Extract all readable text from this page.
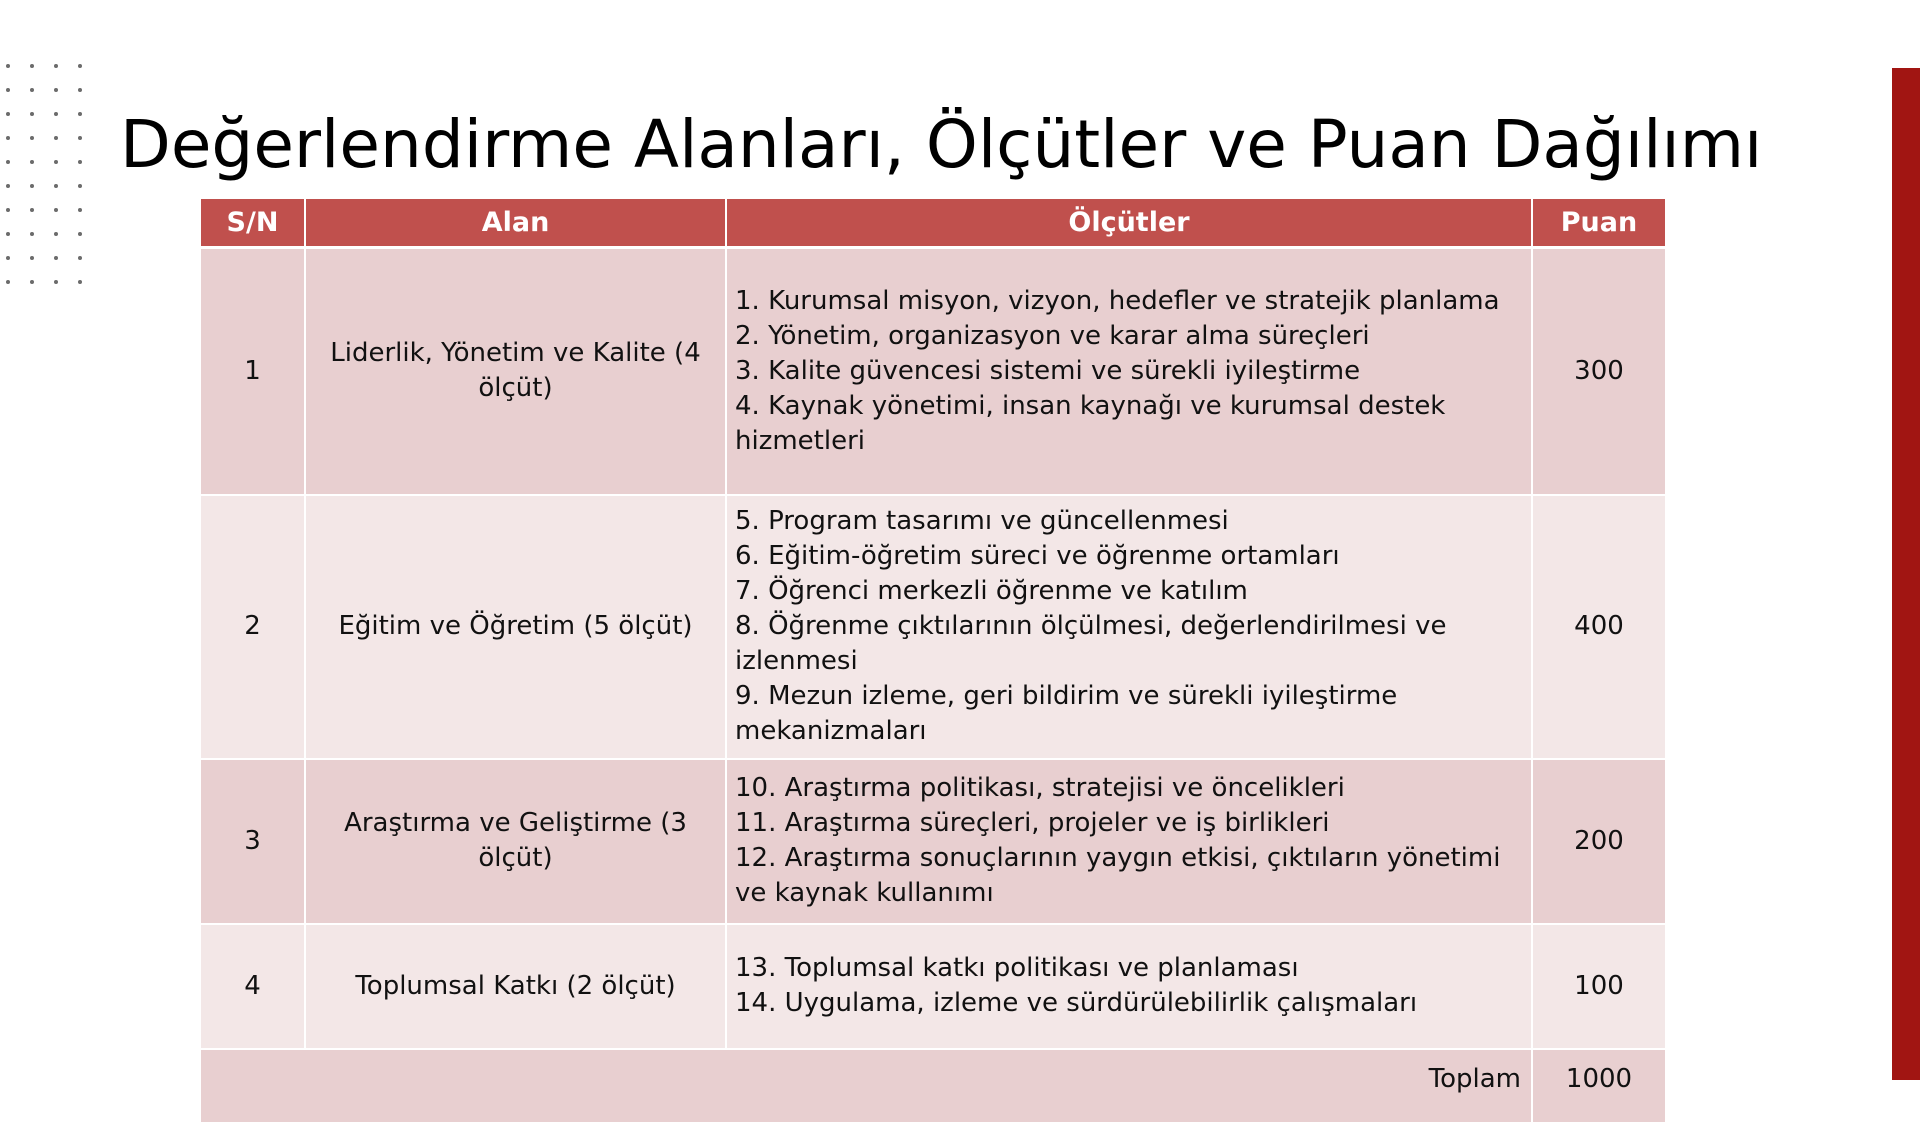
Değerlendirme Alanları, Ölçütler ve Puan Dağılımı
S/N	Alan	Ölçütler	Puan
1	Liderlik, Yönetim ve Kalite (4 ölçüt)	1. Kurumsal misyon, vizyon, hedefler ve stratejik planlama
2. Yönetim, organizasyon ve karar alma süreçleri
3. Kalite güvencesi sistemi ve sürekli iyileştirme
4. Kaynak yönetimi, insan kaynağı ve kurumsal destek hizmetleri	300
2	Eğitim ve Öğretim (5 ölçüt)	5. Program tasarımı ve güncellenmesi
6. Eğitim-öğretim süreci ve öğrenme ortamları
7. Öğrenci merkezli öğrenme ve katılım
8. Öğrenme çıktılarının ölçülmesi, değerlendirilmesi ve izlenmesi
9. Mezun izleme, geri bildirim ve sürekli iyileştirme mekanizmaları	400
3	Araştırma ve Geliştirme (3 ölçüt)	10. Araştırma politikası, stratejisi ve öncelikleri
11. Araştırma süreçleri, projeler ve iş birlikleri
12. Araştırma sonuçlarının yaygın etkisi, çıktıların yönetimi ve kaynak kullanımı	200
4	Toplumsal Katkı (2 ölçüt)	13. Toplumsal katkı politikası ve planlaması
14. Uygulama, izleme ve sürdürülebilirlik çalışmaları	100
Toplam			1000
